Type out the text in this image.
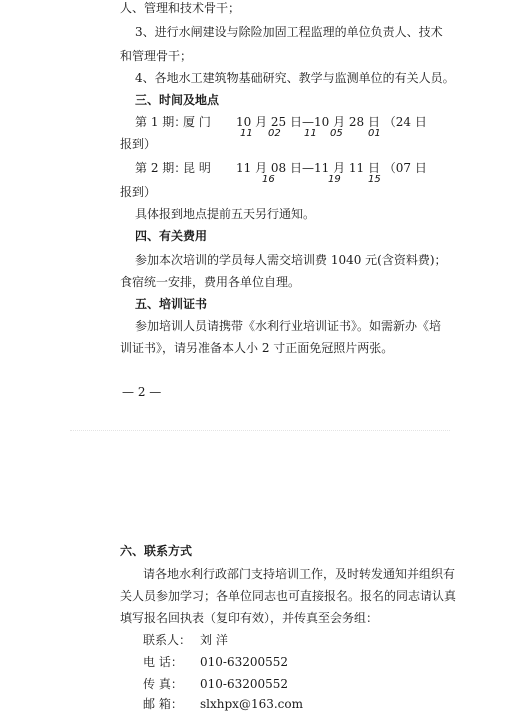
人、管理和技术骨干；
3、进行水闸建设与除险加固工程监理的单位负责人、技术
和管理骨干；
4、各地水工建筑物基础研究、教学与监测单位的有关人员。
三、时间及地点
第 1 期：
厦 门 10 月 25 日—10 月 28 日 （24 日
11 02 11 05	01
报到）
第 2 期：
昆 明 11 月 08 日—11 月 11 日 （07 日
16	19	15
报到）
具体报到地点提前五天另行通知。
四、有关费用
参加本次培训的学员每人需交培训费 1040 元(含资料费)；
食宿统一安排，费用各单位自理。
五、培训证书
参加培训人员请携带《水利行业培训证书》。如需新办《培
训证书》，请另准备本人小 2 寸正面免冠照片两张。
— 2 —
六、联系方式
请各地水利行政部门支持培训工作，及时转发通知并组织有
关人员参加学习；各单位同志也可直接报名。报名的同志请认真
填写报名回执表（复印有效），并传真至会务组：
联系人： 刘 洋
电 话： 010-63200552
传 真： 010-63200552
邮 箱： slxhpx@163.com
